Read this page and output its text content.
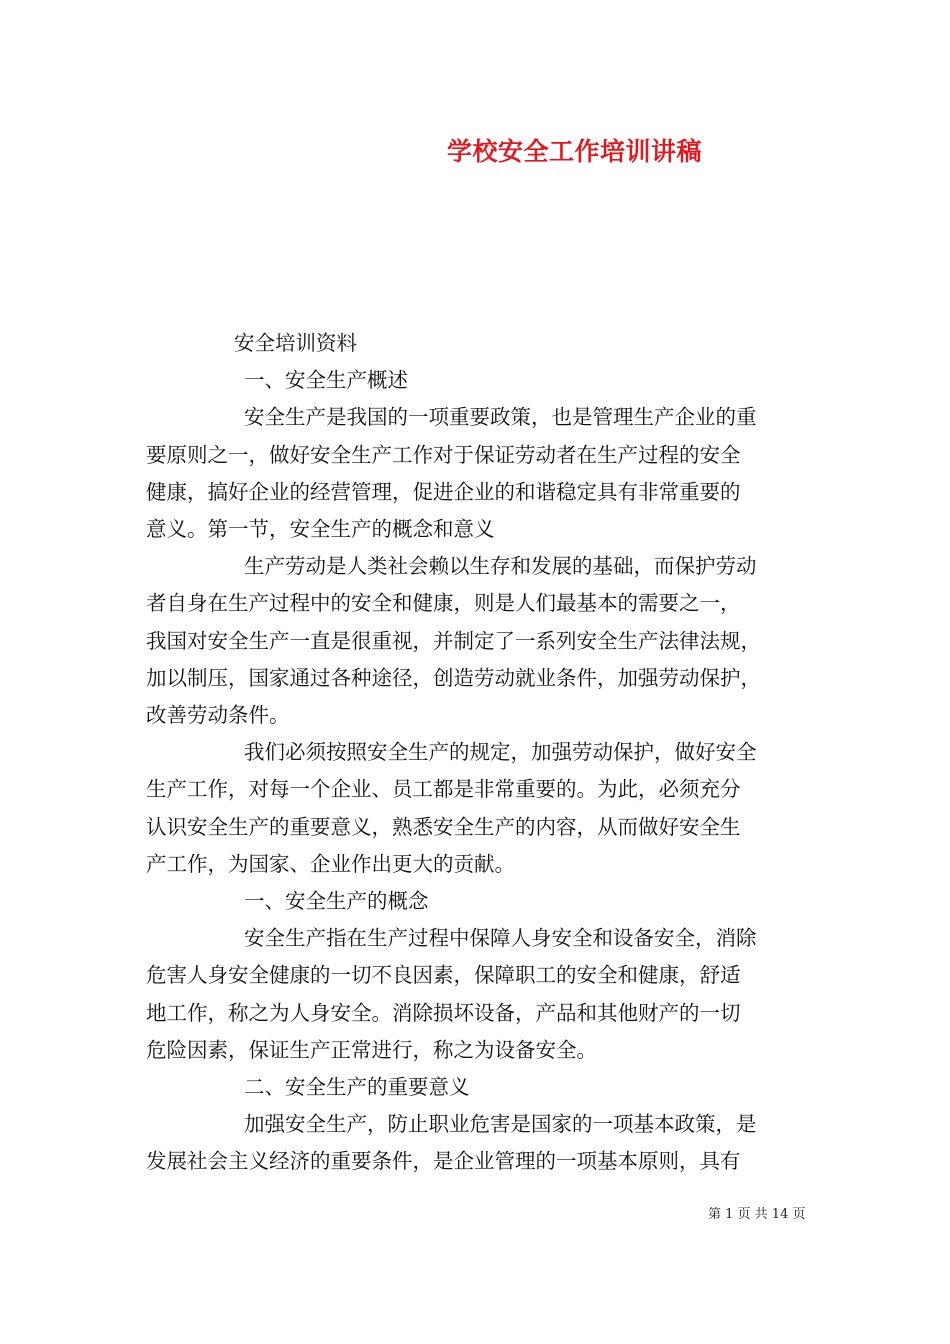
学校安全工作培训讲稿
安全培训资料
一、安全生产概述
安全生产是我国的一项重要政策，也是管理生产企业的重
要原则之一，做好安全生产工作对于保证劳动者在生产过程的安全
健康，搞好企业的经营管理，促进企业的和谐稳定具有非常重要的
意义。第一节，安全生产的概念和意义
生产劳动是人类社会赖以生存和发展的基础，而保护劳动
者自身在生产过程中的安全和健康，则是人们最基本的需要之一，
我国对安全生产一直是很重视，并制定了一系列安全生产法律法规，
加以制压，国家通过各种途径，创造劳动就业条件，加强劳动保护，
改善劳动条件。
我们必须按照安全生产的规定，加强劳动保护，做好安全
生产工作，对每一个企业、员工都是非常重要的。为此，必须充分
认识安全生产的重要意义，熟悉安全生产的内容，从而做好安全生
产工作，为国家、企业作出更大的贡献。
一、安全生产的概念
安全生产指在生产过程中保障人身安全和设备安全，消除
危害人身安全健康的一切不良因素，保障职工的安全和健康，舒适
地工作，称之为人身安全。消除损坏设备，产品和其他财产的一切
危险因素，保证生产正常进行，称之为设备安全。
二、安全生产的重要意义
加强安全生产，防止职业危害是国家的一项基本政策，是
发展社会主义经济的重要条件，是企业管理的一项基本原则，具有
第 1 页 共 14 页
